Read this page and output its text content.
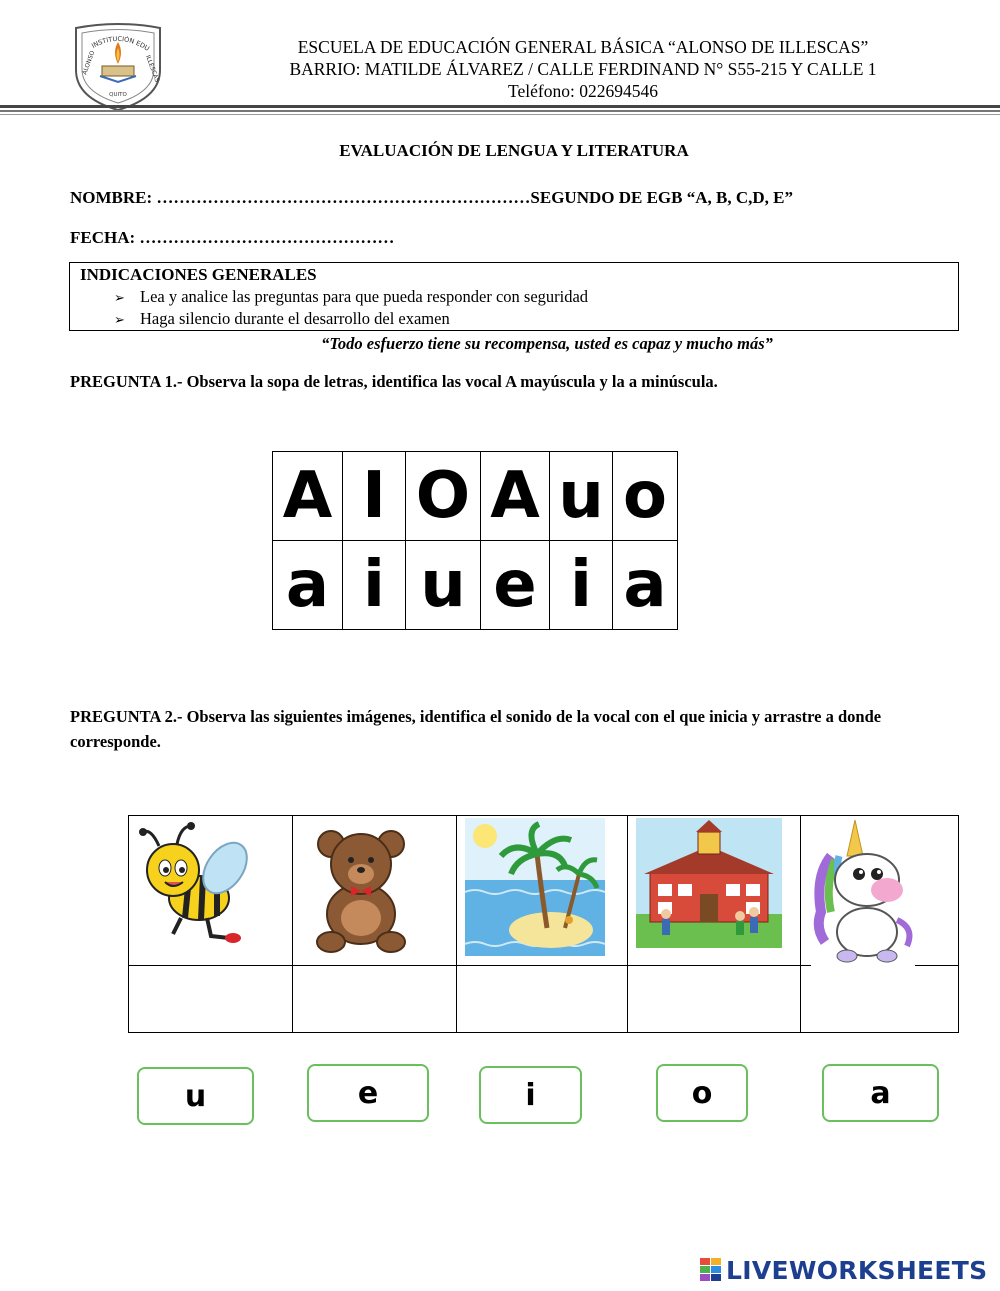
INSTITUCIÓN EDU
ALONSO	ILLESCAS
QUITO
ESCUELA DE EDUCACIÓN GENERAL BÁSICA “ALONSO DE ILLESCAS”
BARRIO: MATILDE ÁLVAREZ / CALLE FERDINAND N° S55-215 Y CALLE 1
Teléfono: 022694546
EVALUACIÓN DE LENGUA Y LITERATURA
NOMBRE: …………………………………………………………SEGUNDO DE EGB “A, B, C,D, E”
FECHA: ………………………………………
INDICACIONES GENERALES
➢ Lea y analice las preguntas para que pueda responder con seguridad
➢ Haga silencio durante el desarrollo del examen
“Todo esfuerzo tiene su recompensa, usted es capaz y mucho más”
PREGUNTA 1.- Observa la sopa de letras, identifica las vocal A mayúscula y la a minúscula.
A I O A u o
a i u e i a
PREGUNTA 2.- Observa las siguientes imágenes, identifica el sonido de la vocal con el que inicia y arrastre a donde corresponde.
u	e	i	o	a
LIVEWORKSHEETS
